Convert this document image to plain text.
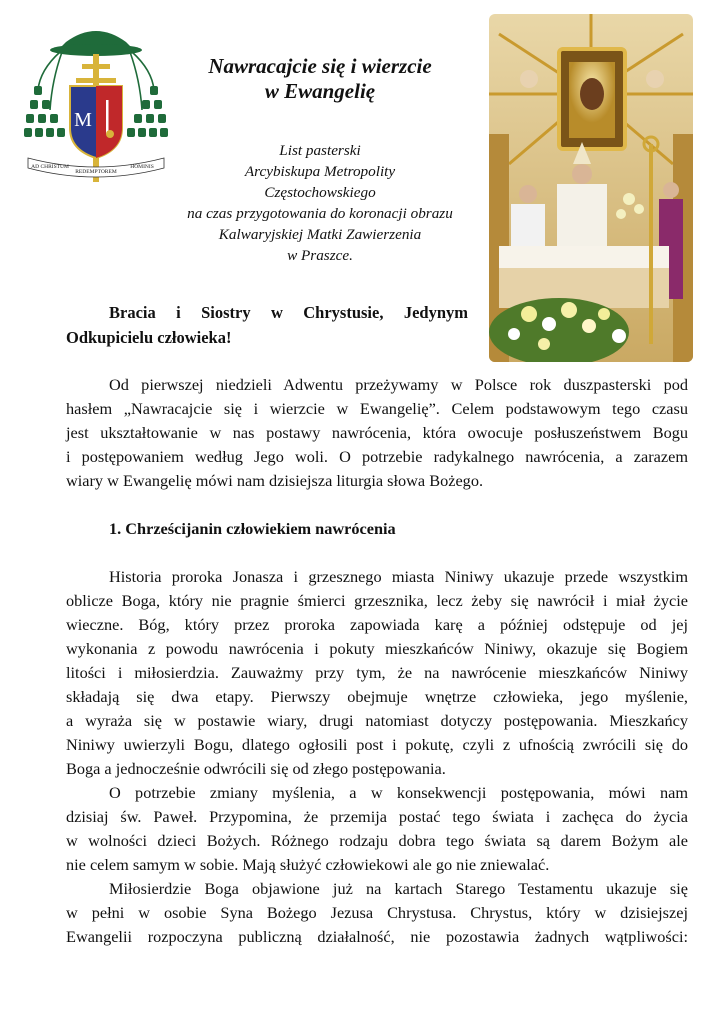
M
AD CHRISTUM
REDEMPTOREM
HOMINIS
Nawracajcie się i wierzcie
w Ewangelię
List pasterski
Arcybiskupa Metropolity
Częstochowskiego
na czas przygotowania do koronacji obrazu
Kalwaryjskiej Matki Zawierzenia
w Praszce.
Bracia i Siostry w Chrystusie, Jedynym
Odkupicielu człowieka!
Od pierwszej niedzieli Adwentu przeżywamy w Polsce rok duszpasterski pod
hasłem „Nawracajcie się i wierzcie w Ewangelię”. Celem podstawowym tego czasu
jest ukształtowanie w nas postawy nawrócenia, która owocuje posłuszeństwem Bogu
i postępowaniem według Jego woli. O potrzebie radykalnego nawrócenia, a zarazem
wiary w Ewangelię mówi nam dzisiejsza liturgia słowa Bożego.
1. Chrześcijanin człowiekiem nawrócenia
Historia proroka Jonasza i grzesznego miasta Niniwy ukazuje przede wszystkim
oblicze Boga, który nie pragnie śmierci grzesznika, lecz żeby się nawrócił i miał życie
wieczne. Bóg, który przez proroka zapowiada karę a później odstępuje od jej
wykonania z powodu nawrócenia i pokuty mieszkańców Niniwy, okazuje się Bogiem
litości i miłosierdzia. Zauważmy przy tym, że na nawrócenie mieszkańców Niniwy
składają się dwa etapy. Pierwszy obejmuje wnętrze człowieka, jego myślenie,
a wyraża się w postawie wiary, drugi natomiast dotyczy postępowania. Mieszkańcy
Niniwy uwierzyli Bogu, dlatego ogłosili post i pokutę, czyli z ufnością zwrócili się do
Boga a jednocześnie odwrócili się od złego postępowania.
O potrzebie zmiany myślenia, a w konsekwencji postępowania, mówi nam
dzisiaj św. Paweł. Przypomina, że przemija postać tego świata i zachęca do życia
w wolności dzieci Bożych. Różnego rodzaju dobra tego świata są darem Bożym ale
nie celem samym w sobie. Mają służyć człowiekowi ale go nie zniewalać.
Miłosierdzie Boga objawione już na kartach Starego Testamentu ukazuje się
w pełni w osobie Syna Bożego Jezusa Chrystusa. Chrystus, który w dzisiejszej
Ewangelii rozpoczyna publiczną działalność, nie pozostawia żadnych wątpliwości:
